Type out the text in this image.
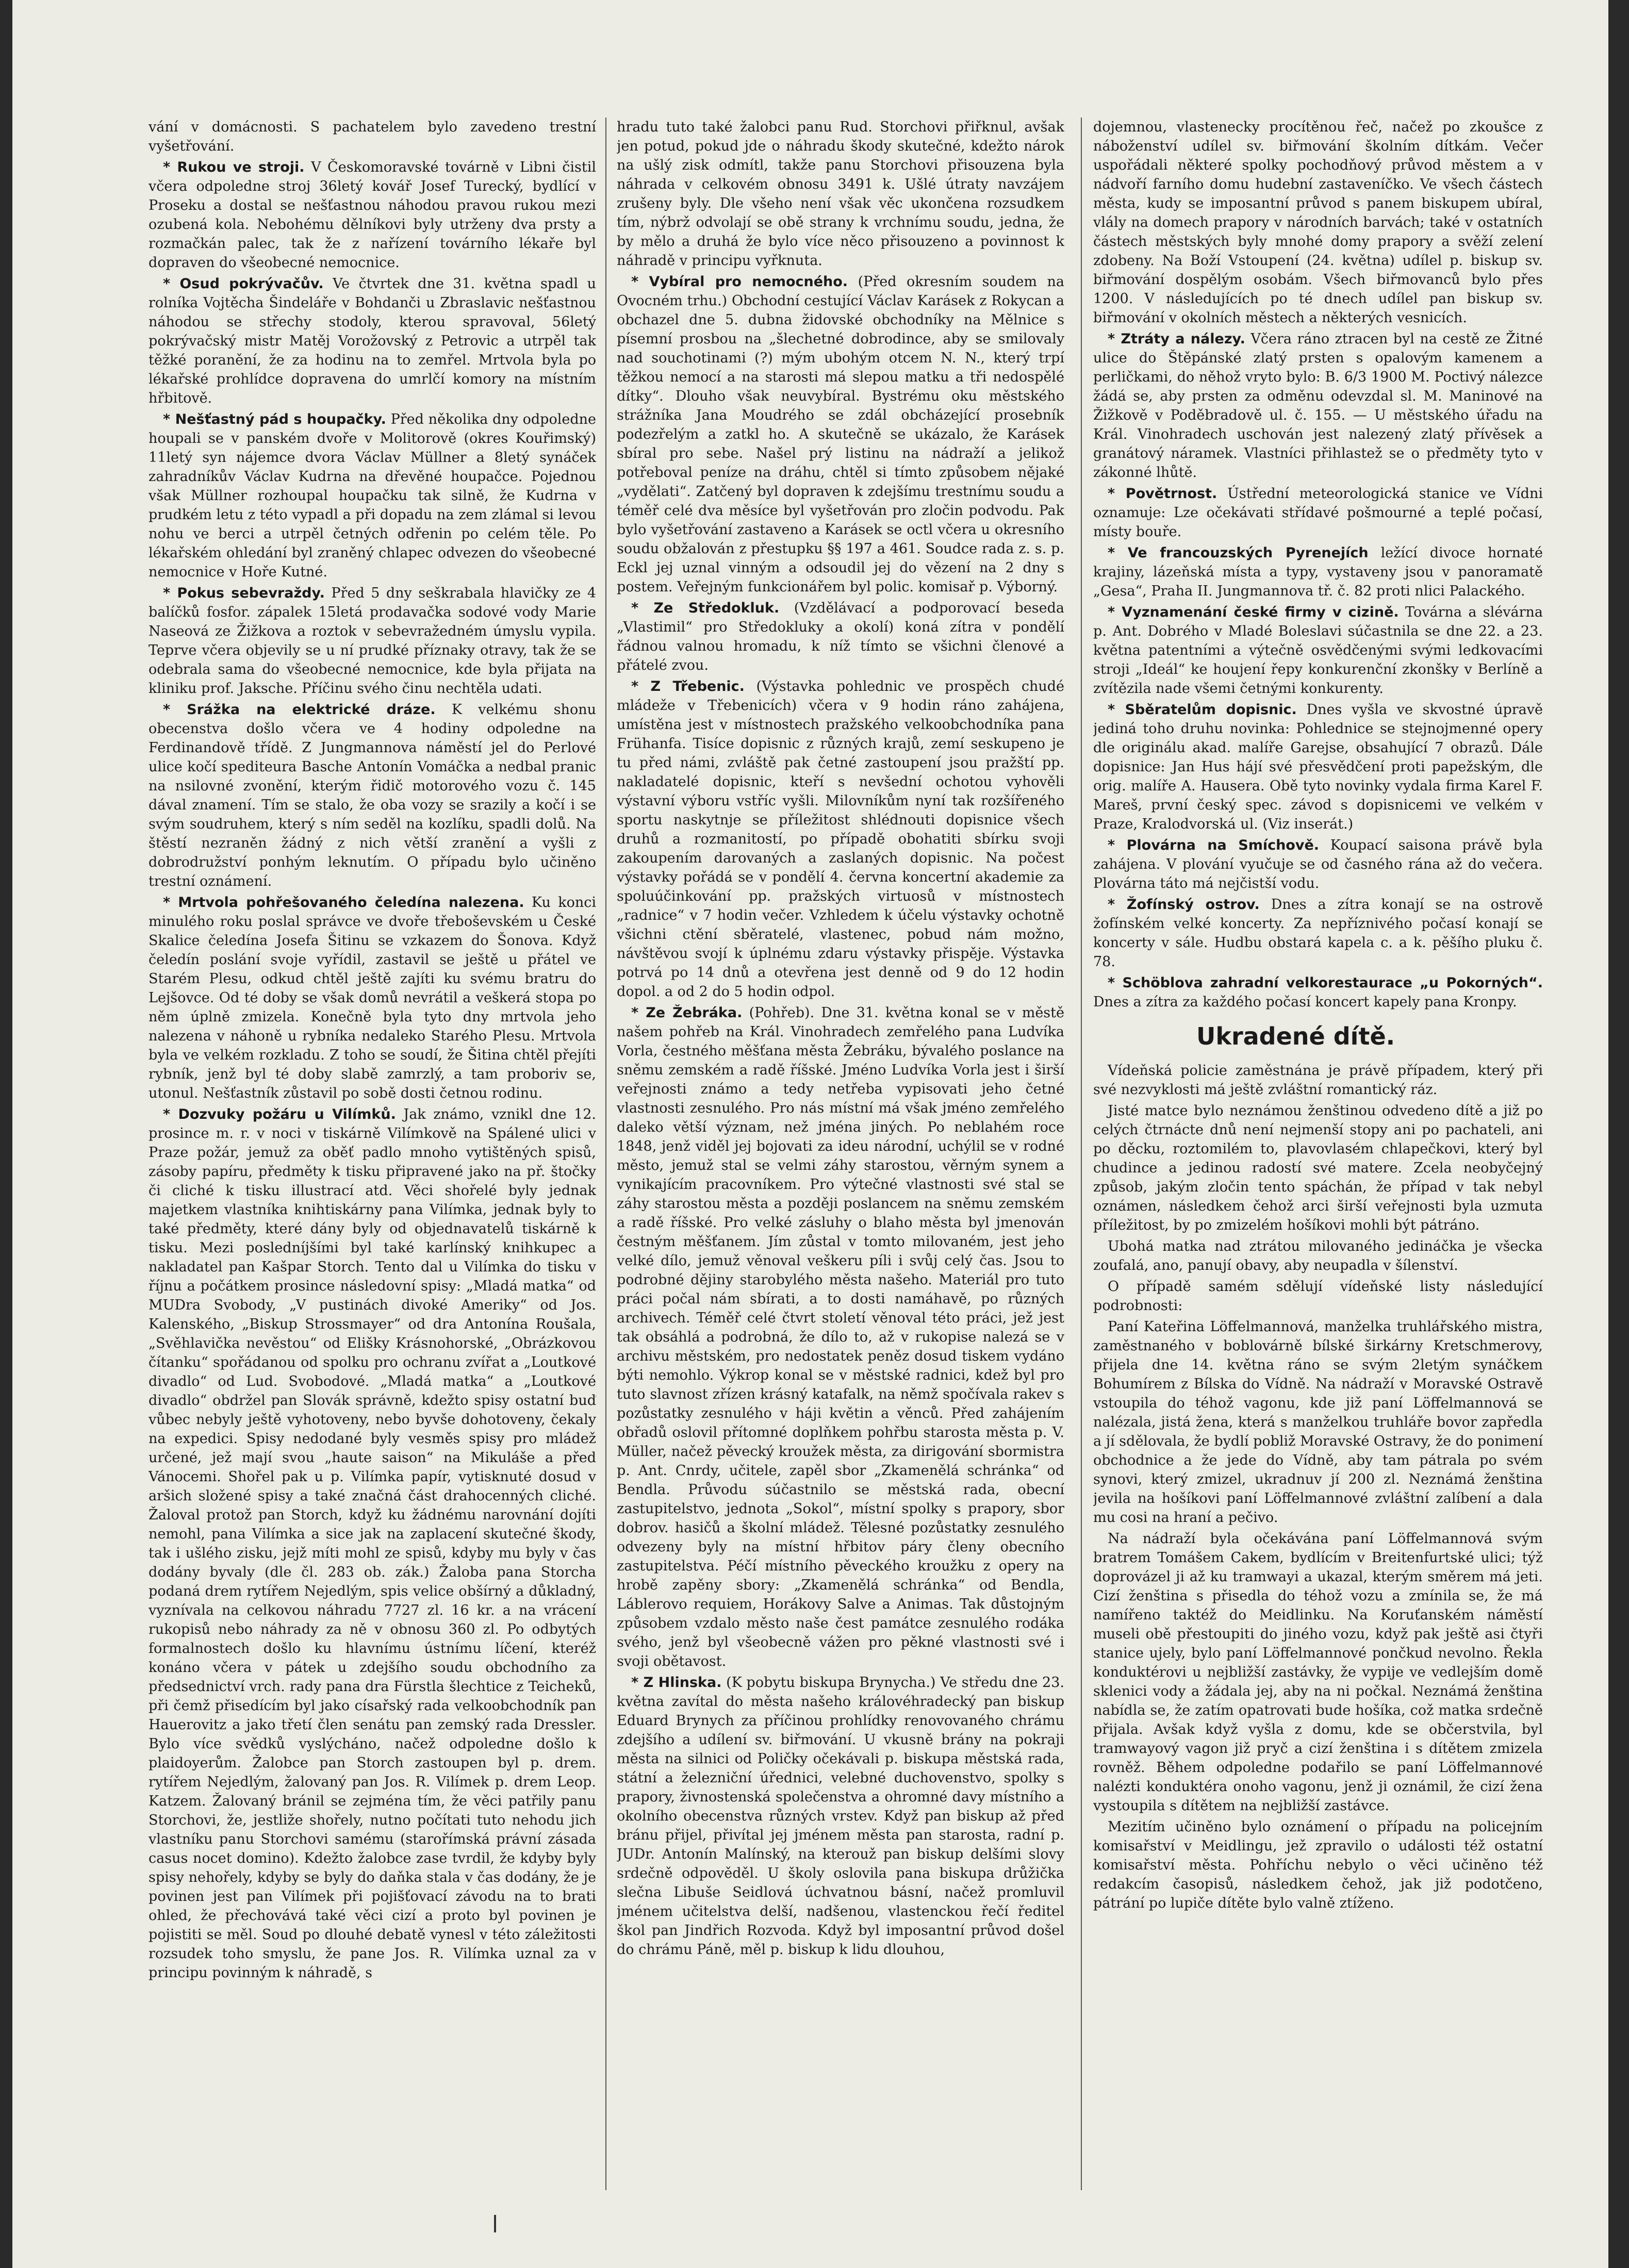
vání v domácnosti. S pachatelem bylo zavedeno trestní vyšetřování.

* Rukou ve stroji. V Českomoravské továrně v Libni čistil včera odpoledne stroj 36letý kovář Josef Turecký, bydlící v Proseku a dostal se nešťastnou náhodou pravou rukou mezi ozubená kola. Nebohému dělníkovi byly utrženy dva prsty a rozmačkán palec, tak že z nařízení továrního lékaře byl dopraven do všeobecné nemocnice.

* Osud pokrývačův. Ve čtvrtek dne 31. května spadl u rolníka Vojtěcha Šindeláře v Bohdanči u Zbraslavic nešťastnou náhodou se střechy stodoly, kterou spravoval, 56letý pokrývačský mistr Matěj Vorožovský z Petrovic a utrpěl tak těžké poranění, že za hodinu na to zemřel. Mrtvola byla po lékařské prohlídce dopravena do umrlčí komory na místním hřbitově.

* Nešťastný pád s houpačky. Před několika dny odpoledne houpali se v panském dvoře v Molitorově (okres Kouřimský) 11letý syn nájemce dvora Václav Müllner a 8letý synáček zahradníkův Václav Kudrna na dřevěné houpačce. Pojednou však Müllner rozhoupal houpačku tak silně, že Kudrna v prudkém letu z této vypadl a při dopadu na zem zlámal si levou nohu ve berci a utrpěl četných odřenin po celém těle. Po lékařském ohledání byl zraněný chlapec odvezen do všeobecné nemocnice v Hoře Kutné.

* Pokus sebevraždy. Před 5 dny seškrabala hlavičky ze 4 balíčků fosfor. zápalek 15letá prodavačka sodové vody Marie Naseová ze Žižkova a roztok v sebevražedném úmyslu vypila. Teprve včera objevily se u ní prudké příznaky otravy, tak že se odebrala sama do všeobecné nemocnice, kde byla přijata na kliniku prof. Jaksche. Příčinu svého činu nechtěla udati.

* Srážka na elektrické dráze. K velkému shonu obecenstva došlo včera ve 4 hodiny odpoledne na Ferdinandově třídě. Z Jungmannova náměstí jel do Perlové ulice kočí spediteura Basche Antonín Vomáčka a nedbal pranic na nsilovné zvonění, kterým řidič motorového vozu č. 145 dával znamení. Tím se stalo, že oba vozy se srazily a kočí i se svým soudruhem, který s ním seděl na kozlíku, spadli dolů. Na štěstí nezraněn žádný z nich větší zranění a vyšli z dobrodružství ponhým leknutím. O případu bylo učiněno trestní oznámení.

* Mrtvola pohřešovaného čeledína nalezena. Ku konci minulého roku poslal správce ve dvoře třeboševském u České Skalice čeledína Josefa Šitinu se vzkazem do Šonova. Když čeledín poslání svoje vyřídil, zastavil se ještě u přátel ve Starém Plesu, odkud chtěl ještě zajíti ku svému bratru do Lejšovce. Od té doby se však domů nevrátil a veškerá stopa po něm úplně zmizela. Konečně byla tyto dny mrtvola jeho nalezena v náhoně u rybníka nedaleko Starého Plesu. Mrtvola byla ve velkém rozkladu. Z toho se soudí, že Šitina chtěl přejíti rybník, jenž byl té doby slabě zamrzlý, a tam proboriv se, utonul. Nešťastník zůstavil po sobě dosti četnou rodinu.

* Dozvuky požáru u Vilímků. Jak známo, vznikl dne 12. prosince m. r. v noci v tiskárně Vilímkově na Spálené ulici v Praze požár, jemuž za oběť padlo mnoho vytištěných spisů, zásoby papíru, předměty k tisku připravené jako na př. štočky či cliché k tisku illustrací atd. Věci shořelé byly jednak majetkem vlastníka knihtiskárny pana Vilímka, jednak byly to také předměty, které dány byly od objednavatelů tiskárně k tisku. Mezi posledníjšími byl také karlínský knihkupec a nakladatel pan Kašpar Storch. Tento dal u Vilímka do tisku v říjnu a počátkem prosince následovní spisy: „Mladá matka“ od MUDra Svobody, „V pustinách divoké Ameriky“ od Jos. Kalenského, „Biskup Strossmayer“ od dra Antonína Roušala, „Svěhlavička nevěstou“ od Elišky Krásnohorské, „Obrázkovou čítanku“ spořádanou od spolku pro ochranu zvířat a „Loutkové divadlo“ od Lud. Svobodové. „Mladá matka“ a „Loutkové divadlo“ obdržel pan Slovák správně, kdežto spisy ostatní buď vůbec nebyly ještě vyhotoveny, nebo byvše dohotoveny, čekaly na expedici. Spisy nedodané byly vesměs spisy pro mládež určené, jež mají svou „haute saison“ na Mikuláše a před Vánocemi. Shořel pak u p. Vilímka papír, vytisknuté dosud v aršich složené spisy a také značná část drahocenných cliché. Žaloval protož pan Storch, když ku žádnému narovnání dojíti nemohl, pana Vilímka a sice jak na zaplacení skutečné škody, tak i ušlého zisku, jejž míti mohl ze spisů, kdyby mu byly v čas dodány byvaly (dle čl. 283 ob. zák.) Žaloba pana Storcha podaná drem rytířem Nejedlým, spis velice obšírný a důkladný, vyznívala na celkovou náhradu 7727 zl. 16 kr. a na vrácení rukopisů nebo náhrady za ně v obnosu 360 zl. Po odbytých formalnostech došlo ku hlavnímu ústnímu líčení, kteréž konáno včera v pátek u zdejšího soudu obchodního za předsednictví vrch. rady pana dra Fürstla šlechtice z Teicheků, při čemž přisedícím byl jako císařský rada velkoobchodník pan Hauerovitz a jako třetí člen senátu pan zemský rada Dressler. Bylo více svědků vyslýcháno, načež odpoledne došlo k plaidoyerům. Žalobce pan Storch zastoupen byl p. drem. rytířem Nejedlým, žalovaný pan Jos. R. Vilímek p. drem Leop. Katzem. Žalovaný bránil se zejména tím, že věci patřily panu Storchovi, že, jestliže shořely, nutno počítati tuto nehodu jich vlastníku panu Storchovi samému (starořímská právní zásada casus nocet domino). Kdežto žalobce zase tvrdil, že kdyby byly spisy nehořely, kdyby se byly do daňka stala v čas dodány, že je povinen jest pan Vilímek při pojišťovací závodu na to brati ohled, že přechovává také věci cizí a proto byl povinen je pojistiti se měl. Soud po dlouhé debatě vynesl v této záležitosti rozsudek toho smyslu, že pane Jos. R. Vilímka uznal za v principu povinným k náhradě, s

hradu tuto také žalobci panu Rud. Storchovi přiřknul, avšak jen potud, pokud jde o náhradu škody skutečné, kdežto nárok na ušlý zisk odmítl, takže panu Storchovi přisouzena byla náhrada v celkovém obnosu 3491 k. Ušlé útraty navzájem zrušeny byly. Dle všeho není však věc ukončena rozsudkem tím, nýbrž odvolají se obě strany k vrchnímu soudu, jedna, že by mělo a druhá že bylo více něco přisouzeno a povinnost k náhradě v principu vyřknuta.

* Vybíral pro nemocného. (Před okresním soudem na Ovocném trhu.) Obchodní cestující Václav Karásek z Rokycan a obchazel dne 5. dubna židovské obchodníky na Mělnice s písemní prosbou na „šlechetné dobrodince, aby se smilovaly nad souchotinami (?) mým ubohým otcem N. N., který trpí těžkou nemocí a na starosti má slepou matku a tři nedospělé dítky“. Dlouho však neuvybíral. Bystrému oku městského strážníka Jana Moudrého se zdál obcházející prosebník podezřelým a zatkl ho. A skutečně se ukázalo, že Karásek sbíral pro sebe. Našel prý listinu na nádraží a jelikož potřeboval peníze na dráhu, chtěl si tímto způsobem nějaké „vydělati“. Zatčený byl dopraven k zdejšímu trestnímu soudu a téměř celé dva měsíce byl vyšetřován pro zločin podvodu. Pak bylo vyšetřování zastaveno a Karásek se octl včera u okresního soudu obžalován z přestupku §§ 197 a 461. Soudce rada z. s. p. Eckl jej uznal vinným a odsoudil jej do vězení na 2 dny s postem. Veřejným funkcionářem byl polic. komisař p. Výborný.

* Ze Středokluk. (Vzdělávací a podporovací beseda „Vlastimil“ pro Středokluky a okolí) koná zítra v pondělí řádnou valnou hromadu, k níž tímto se všichni členové a přátelé zvou.

* Z Třebenic. (Výstavka pohlednic ve prospěch chudé mládeže v Třebenicích) včera v 9 hodin ráno zahájena, umístěna jest v místnostech pražského velkoobchodníka pana Frühanfa. Tisíce dopisnic z různých krajů, zemí seskupeno je tu před námi, zvláště pak četné zastoupení jsou pražští pp. nakladatelé dopisnic, kteří s nevšední ochotou vyhověli výstavní výboru vstříc vyšli. Milovníkům nyní tak rozšířeného sportu naskytnje se příležitost shlédnouti dopisnice všech druhů a rozmanitostí, po případě obohatiti sbírku svoji zakoupením darovaných a zaslaných dopisnic. Na počest výstavky pořádá se v pondělí 4. června koncertní akademie za spoluúčinkování pp. pražských virtuosů v místnostech „radnice“ v 7 hodin večer. Vzhledem k účelu výstavky ochotně všichni ctění sběratelé, vlastenec, pobud nám možno, návštěvou svojí k úplnému zdaru výstavky přispěje. Výstavka potrvá po 14 dnů a otevřena jest denně od 9 do 12 hodin dopol. a od 2 do 5 hodin odpol.

* Ze Žebráka. (Pohřeb). Dne 31. května konal se v městě našem pohřeb na Král. Vinohradech zemřelého pana Ludvíka Vorla, čestného měšťana města Žebráku, bývalého poslance na sněmu zemském a radě říšské. Jméno Ludvíka Vorla jest i širší veřejnosti známo a tedy netřeba vypisovati jeho četné vlastnosti zesnulého. Pro nás místní má však jméno zemřelého daleko větší význam, než jména jiných. Po neblahém roce 1848, jenž viděl jej bojovati za ideu národní, uchýlil se v rodné město, jemuž stal se velmi záhy starostou, věrným synem a vynikajícím pracovníkem. Pro výtečné vlastnosti své stal se záhy starostou města a později poslancem na sněmu zemském a radě říšské. Pro velké zásluhy o blaho města byl jmenován čestným měšťanem. Jím zůstal v tomto milovaném, jest jeho velké dílo, jemuž věnoval veškeru píli i svůj celý čas. Jsou to podrobné dějiny starobylého města našeho. Materiál pro tuto práci počal nám sbírati, a to dosti namáhavě, po různých archivech. Téměř celé čtvrt století věnoval této práci, jež jest tak obsáhlá a podrobná, že dílo to, až v rukopise nalezá se v archivu městském, pro nedostatek peněz dosud tiskem vydáno býti nemohlo. Výkrop konal se v městské radnici, kdež byl pro tuto slavnost zřízen krásný katafalk, na němž spočívala rakev s pozůstatky zesnulého v háji květin a věnců. Před zahájením obřadů oslovil přítomné doplňkem pohřbu starosta města p. V. Müller, načež pěvecký kroužek města, za dirigování sbormistra p. Ant. Cnrdy, učitele, zapěl sbor „Zkamenělá schránka“ od Bendla. Průvodu súčastnilo se městská rada, obecní zastupitelstvo, jednota „Sokol“, místní spolky s prapory, sbor dobrov. hasičů a školní mládež. Tělesné pozůstatky zesnulého odvezeny byly na místní hřbitov páry členy obecního zastupitelstva. Péčí místního pěveckého kroužku z opery na hrobě zapěny sbory: „Zkamenělá schránka“ od Bendla, Láblerovo requiem, Horákovy Salve a Animas. Tak důstojným způsobem vzdalo město naše čest památce zesnulého rodáka svého, jenž byl všeobecně vážen pro pěkné vlastnosti své i svoji obětavost.

* Z Hlinska. (K pobytu biskupa Brynycha.) Ve středu dne 23. května zavítal do města našeho královéhradecký pan biskup Eduard Brynych za příčinou prohlídky renovovaného chrámu zdejšího a udílení sv. biřmování. U vkusně brány na pokraji města na silnici od Poličky očekávali p. biskupa městská rada, státní a železniční úřednici, velebné duchovenstvo, spolky s prapory, živnostenská společenstva a ohromné davy místního a okolního obecenstva různých vrstev. Když pan biskup až před bránu přijel, přivítal jej jménem města pan starosta, radní p. JUDr. Antonín Malínský, na kterouž pan biskup delšími slovy srdečně odpověděl. U školy oslovila pana biskupa drůžička slečna Libuše Seidlová úchvatnou básní, načež promluvil jménem učitelstva delší, nadšenou, vlastenckou řečí ředitel škol pan Jindřich Rozvoda. Když byl imposantní průvod došel do chrámu Páně, měl p. biskup k lidu dlouhou,

dojemnou, vlastenecky procítěnou řeč, načež po zkoušce z náboženství udílel sv. biřmování školním dítkám. Večer uspořádali některé spolky pochodňový průvod městem a v nádvoří farního domu hudební zastaveníčko. Ve všech částech města, kudy se imposantní průvod s panem biskupem ubíral, vlály na domech prapory v národních barvách; také v ostatních částech městských byly mnohé domy prapory a svěží zelení zdobeny. Na Boží Vstoupení (24. května) udílel p. biskup sv. biřmování dospělým osobám. Všech biřmovanců bylo přes 1200. V následujících po té dnech udílel pan biskup sv. biřmování v okolních městech a některých vesnicích.

* Ztráty a nálezy. Včera ráno ztracen byl na cestě ze Žitné ulice do Štěpánské zlatý prsten s opalovým kamenem a perličkami, do něhož vryto bylo: B. 6/3 1900 M. Poctivý nálezce žádá se, aby prsten za odměnu odevzdal sl. M. Maninové na Žižkově v Poděbradově ul. č. 155. — U městského úřadu na Král. Vinohradech uschován jest nalezený zlatý přívěsek a granátový náramek. Vlastníci přihlastež se o předměty tyto v zákonné lhůtě.

* Povětrnost. Ústřední meteorologická stanice ve Vídni oznamuje: Lze očekávati střídavé pošmourné a teplé počasí, místy bouře.

* Ve francouzských Pyrenejích ležící divoce hornaté krajiny, lázeňská místa a typy, vystaveny jsou v panoramatě „Gesa“, Praha II. Jungmannova tř. č. 82 proti nlici Palackého.

* Vyznamenání české firmy v cizině. Továrna a slévárna p. Ant. Dobrého v Mladé Boleslavi súčastnila se dne 22. a 23. května patentními a výtečně osvědčenými svými ledkovacími stroji „Ideál“ ke houjení řepy konkurenční zkonšky v Berlíně a zvítězila nade všemi četnými konkurenty.

* Sběratelům dopisnic. Dnes vyšla ve skvostné úpravě jediná toho druhu novinka: Pohlednice se stejnojmenné opery dle originálu akad. malíře Garejse, obsahující 7 obrazů. Dále dopisnice: Jan Hus hájí své přesvědčení proti papežským, dle orig. malíře A. Hausera. Obě tyto novinky vydala firma Karel F. Mareš, první český spec. závod s dopisnicemi ve velkém v Praze, Kralodvorská ul. (Viz inserát.)

* Plovárna na Smíchově. Koupací saisona právě byla zahájena. V plování vyučuje se od časného rána až do večera. Plovárna táto má nejčistší vodu.

* Žofínský ostrov. Dnes a zítra konají se na ostrově žofínském velké koncerty. Za nepříznivého počasí konají se koncerty v sále. Hudbu obstará kapela c. a k. pěšího pluku č. 78.

* Schöblova zahradní velkorestaurace „u Pokorných“. Dnes a zítra za každého počasí koncert kapely pana Kronpy.

Ukradené dítě.

Vídeňská policie zaměstnána je právě případem, který při své nezvyklosti má ještě zvláštní romantický ráz.

Jisté matce bylo neznámou ženštinou odvedeno dítě a již po celých čtrnácte dnů není nejmenší stopy ani po pachateli, ani po děcku, roztomilém to, plavovlasém chlapečkovi, který byl chudince a jedinou radostí své matere. Zcela neobyčejný způsob, jakým zločin tento spáchán, že případ v tak nebyl oznámen, následkem čehož arci širší veřejnosti byla uzmuta příležitost, by po zmizelém hošíkovi mohli být pátráno.

Ubohá matka nad ztrátou milovaného jedináčka je všecka zoufalá, ano, panují obavy, aby neupadla v šílenství.

O případě samém sdělují vídeňské listy následující podrobnosti:

Paní Kateřina Löffelmannová, manželka truhlářského mistra, zaměstnaného v boblovárně bílské širkárny Kretschmerovy, přijela dne 14. května ráno se svým 2letým synáčkem Bohumírem z Bílska do Vídně. Na nádraží v Moravské Ostravě vstoupila do téhož vagonu, kde již paní Löffelmannová se nalézala, jistá žena, která s manželkou truhláře bovor zapředla a jí sdělovala, že bydlí pobliž Moravské Ostravy, že do ponimení obchodnice a že jede do Vídně, aby tam pátrala po svém synovi, který zmizel, ukradnuv jí 200 zl. Neznámá ženština jevila na hošíkovi paní Löffelmannové zvláštní zalíbení a dala mu cosi na hraní a pečivo.

Na nádraží byla očekávána paní Löffelmannová svým bratrem Tomášem Cakem, bydlícím v Breitenfurtské ulici; týž doprovázel ji až ku tramwayi a ukazal, kterým směrem má jeti. Cizí ženština s přisedla do téhož vozu a zmínila se, že má namířeno taktéž do Meidlinku. Na Koruťanském náměstí museli obě přestoupiti do jiného vozu, když pak ještě asi čtyři stanice ujely, bylo paní Löffelmannové pončkud nevolno. Řekla konduktérovi u nejbližší zastávky, že vypije ve vedlejším domě sklenici vody a žádala jej, aby na ni počkal. Neznámá ženština nabídla se, že zatím opatrovati bude hošíka, což matka srdečně přijala. Avšak když vyšla z domu, kde se občerstvila, byl tramwayový vagon již pryč a cizí ženština i s dítětem zmizela rovněž. Během odpoledne podařilo se paní Löffelmannové nalézti konduktéra onoho vagonu, jenž ji oznámil, že cizí žena vystoupila s dítětem na nejbližší zastávce.

Mezitím učiněno bylo oznámení o případu na policejním komisařství v Meidlingu, jež zpravilo o události též ostatní komisařství města. Pohříchu nebylo o věci učiněno též redakcím časopisů, následkem čehož, jak již podotčeno, pátrání po lupiče dítěte bylo valně ztíženo.
